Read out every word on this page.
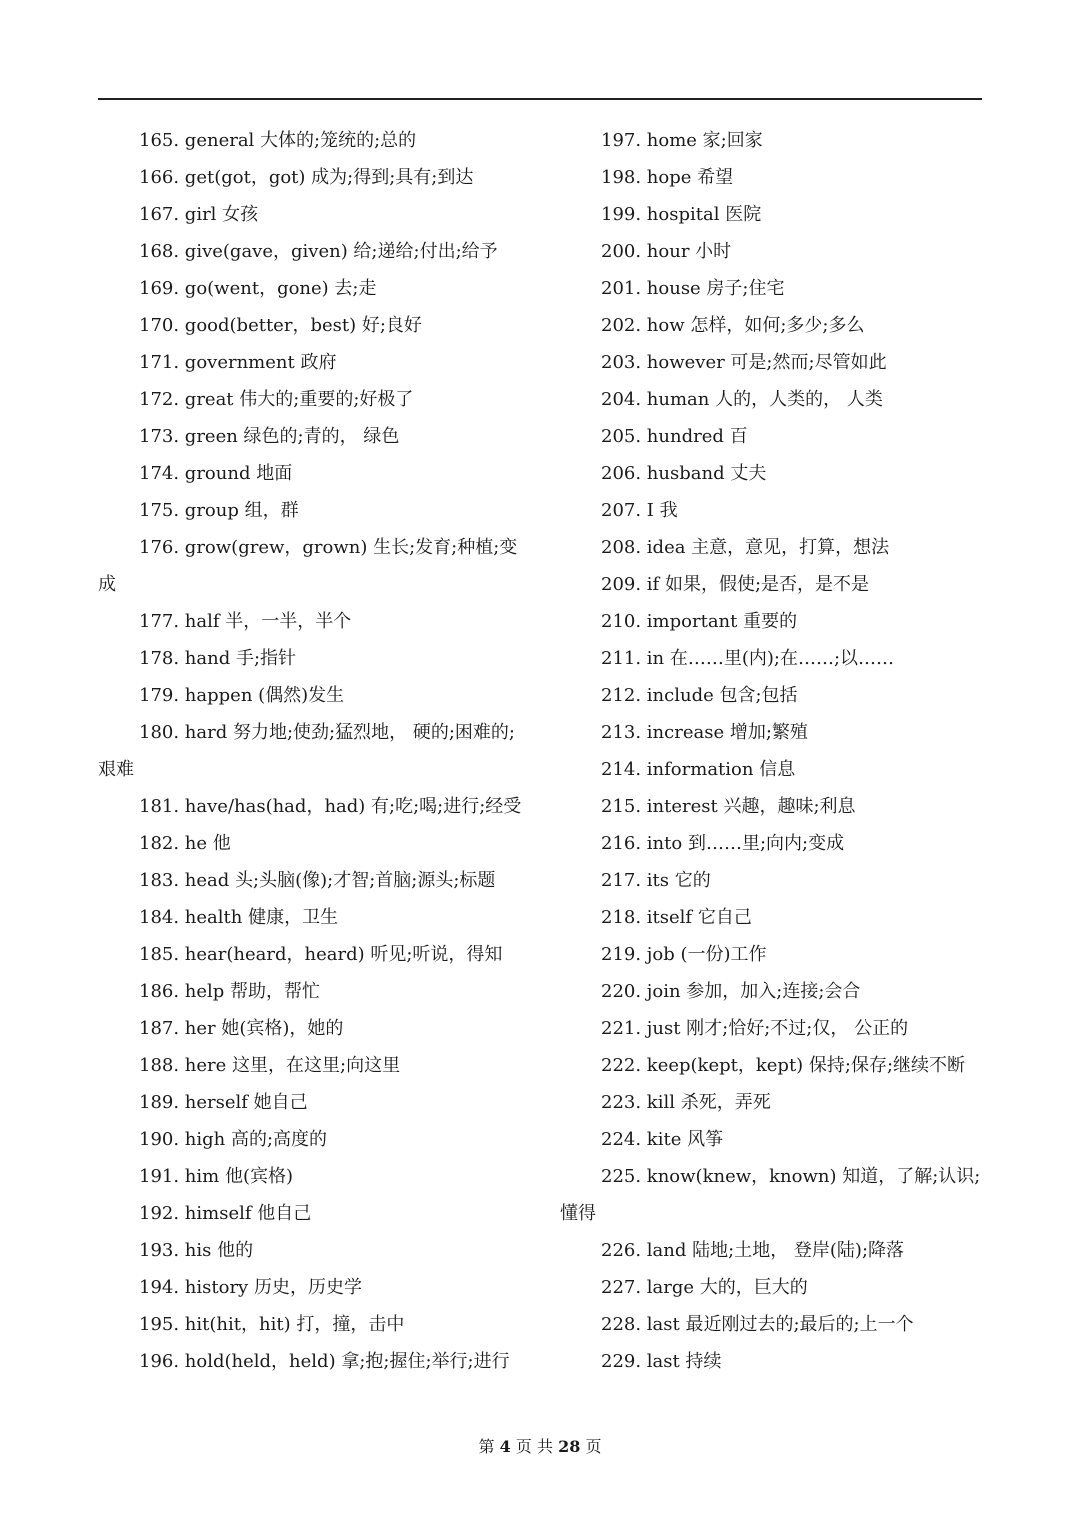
165. general 大体的;笼统的;总的
166. get(got，got) 成为;得到;具有;到达
167. girl 女孩
168. give(gave，given) 给;递给;付出;给予
169. go(went，gone) 去;走
170. good(better，best) 好;良好
171. government 政府
172. great 伟大的;重要的;好极了
173. green 绿色的;青的， 绿色
174. ground 地面
175. group 组，群
176. grow(grew，grown) 生长;发育;种植;变成
177. half 半，一半，半个
178. hand 手;指针
179. happen (偶然)发生
180. hard 努力地;使劲;猛烈地， 硬的;困难的;艰难
181. have/has(had，had) 有;吃;喝;进行;经受
182. he 他
183. head 头;头脑(像);才智;首脑;源头;标题
184. health 健康，卫生
185. hear(heard，heard) 听见;听说，得知
186. help 帮助，帮忙
187. her 她(宾格)，她的
188. here 这里，在这里;向这里
189. herself 她自己
190. high 高的;高度的
191. him 他(宾格)
192. himself 他自己
193. his 他的
194. history 历史，历史学
195. hit(hit，hit) 打，撞，击中
196. hold(held，held) 拿;抱;握住;举行;进行
197. home 家;回家
198. hope 希望
199. hospital 医院
200. hour 小时
201. house 房子;住宅
202. how 怎样，如何;多少;多么
203. however 可是;然而;尽管如此
204. human 人的，人类的， 人类
205. hundred 百
206. husband 丈夫
207. I 我
208. idea 主意，意见，打算，想法
209. if 如果，假使;是否，是不是
210. important 重要的
211. in 在……里(内);在……;以……
212. include 包含;包括
213. increase 增加;繁殖
214. information 信息
215. interest 兴趣，趣味;利息
216. into 到……里;向内;变成
217. its 它的
218. itself 它自己
219. job (一份)工作
220. join 参加，加入;连接;会合
221. just 刚才;恰好;不过;仅， 公正的
222. keep(kept，kept) 保持;保存;继续不断
223. kill 杀死，弄死
224. kite 风筝
225. know(knew，known) 知道，了解;认识;懂得
226. land 陆地;土地， 登岸(陆);降落
227. large 大的，巨大的
228. last 最近刚过去的;最后的;上一个
229. last 持续
第 4 页 共 28 页
